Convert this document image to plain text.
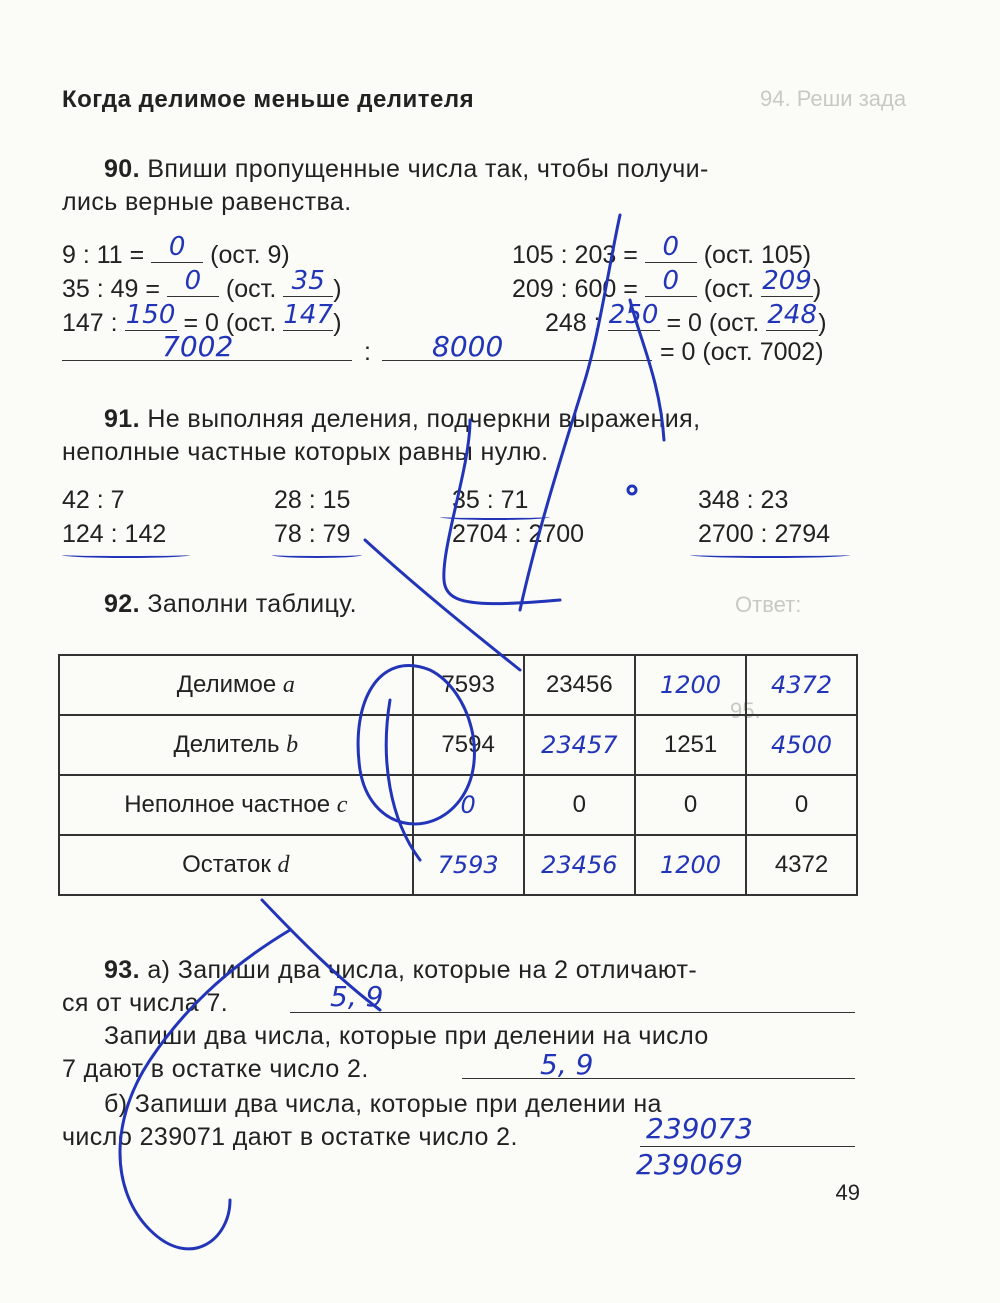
94. Реши зада
Ответ:
95.
Когда делимое меньше делителя
90. Впиши пропущенные числа так, чтобы получи-
лись верные равенства.
9 : 11 = 0 (ост. 9)
35 : 49 = 0 (ост. 35 )
147 : 150 = 0 (ост. 147 )
105 : 203 = 0 (ост. 105)
209 : 600 = 0 (ост. 209 )
248 : 250 = 0 (ост. 248 )
7002	: 8000	= 0 (ост. 7002)
91. Не выполняя деления, подчеркни выражения,
неполные частные которых равны нулю.
42 : 7
124 : 142
28 : 15
78 : 79
35 : 71
2704 : 2700
348 : 23
2700 : 2794
92. Заполни таблицу.
Делимое a	7593	23456	1200	4372
Делитель b	7594	23457	1251	4500
Неполное частное c	0	0	0	0
Остаток d	7593	23456	1200	4372
93. а) Запиши два числа, которые на 2 отличают-
ся от числа 7.	5, 9
Запиши два числа, которые при делении на число
7 дают в остатке число 2.	5, 9
б) Запиши два числа, которые при делении на
число 239071 дают в остатке число 2.	239073
239069
49
